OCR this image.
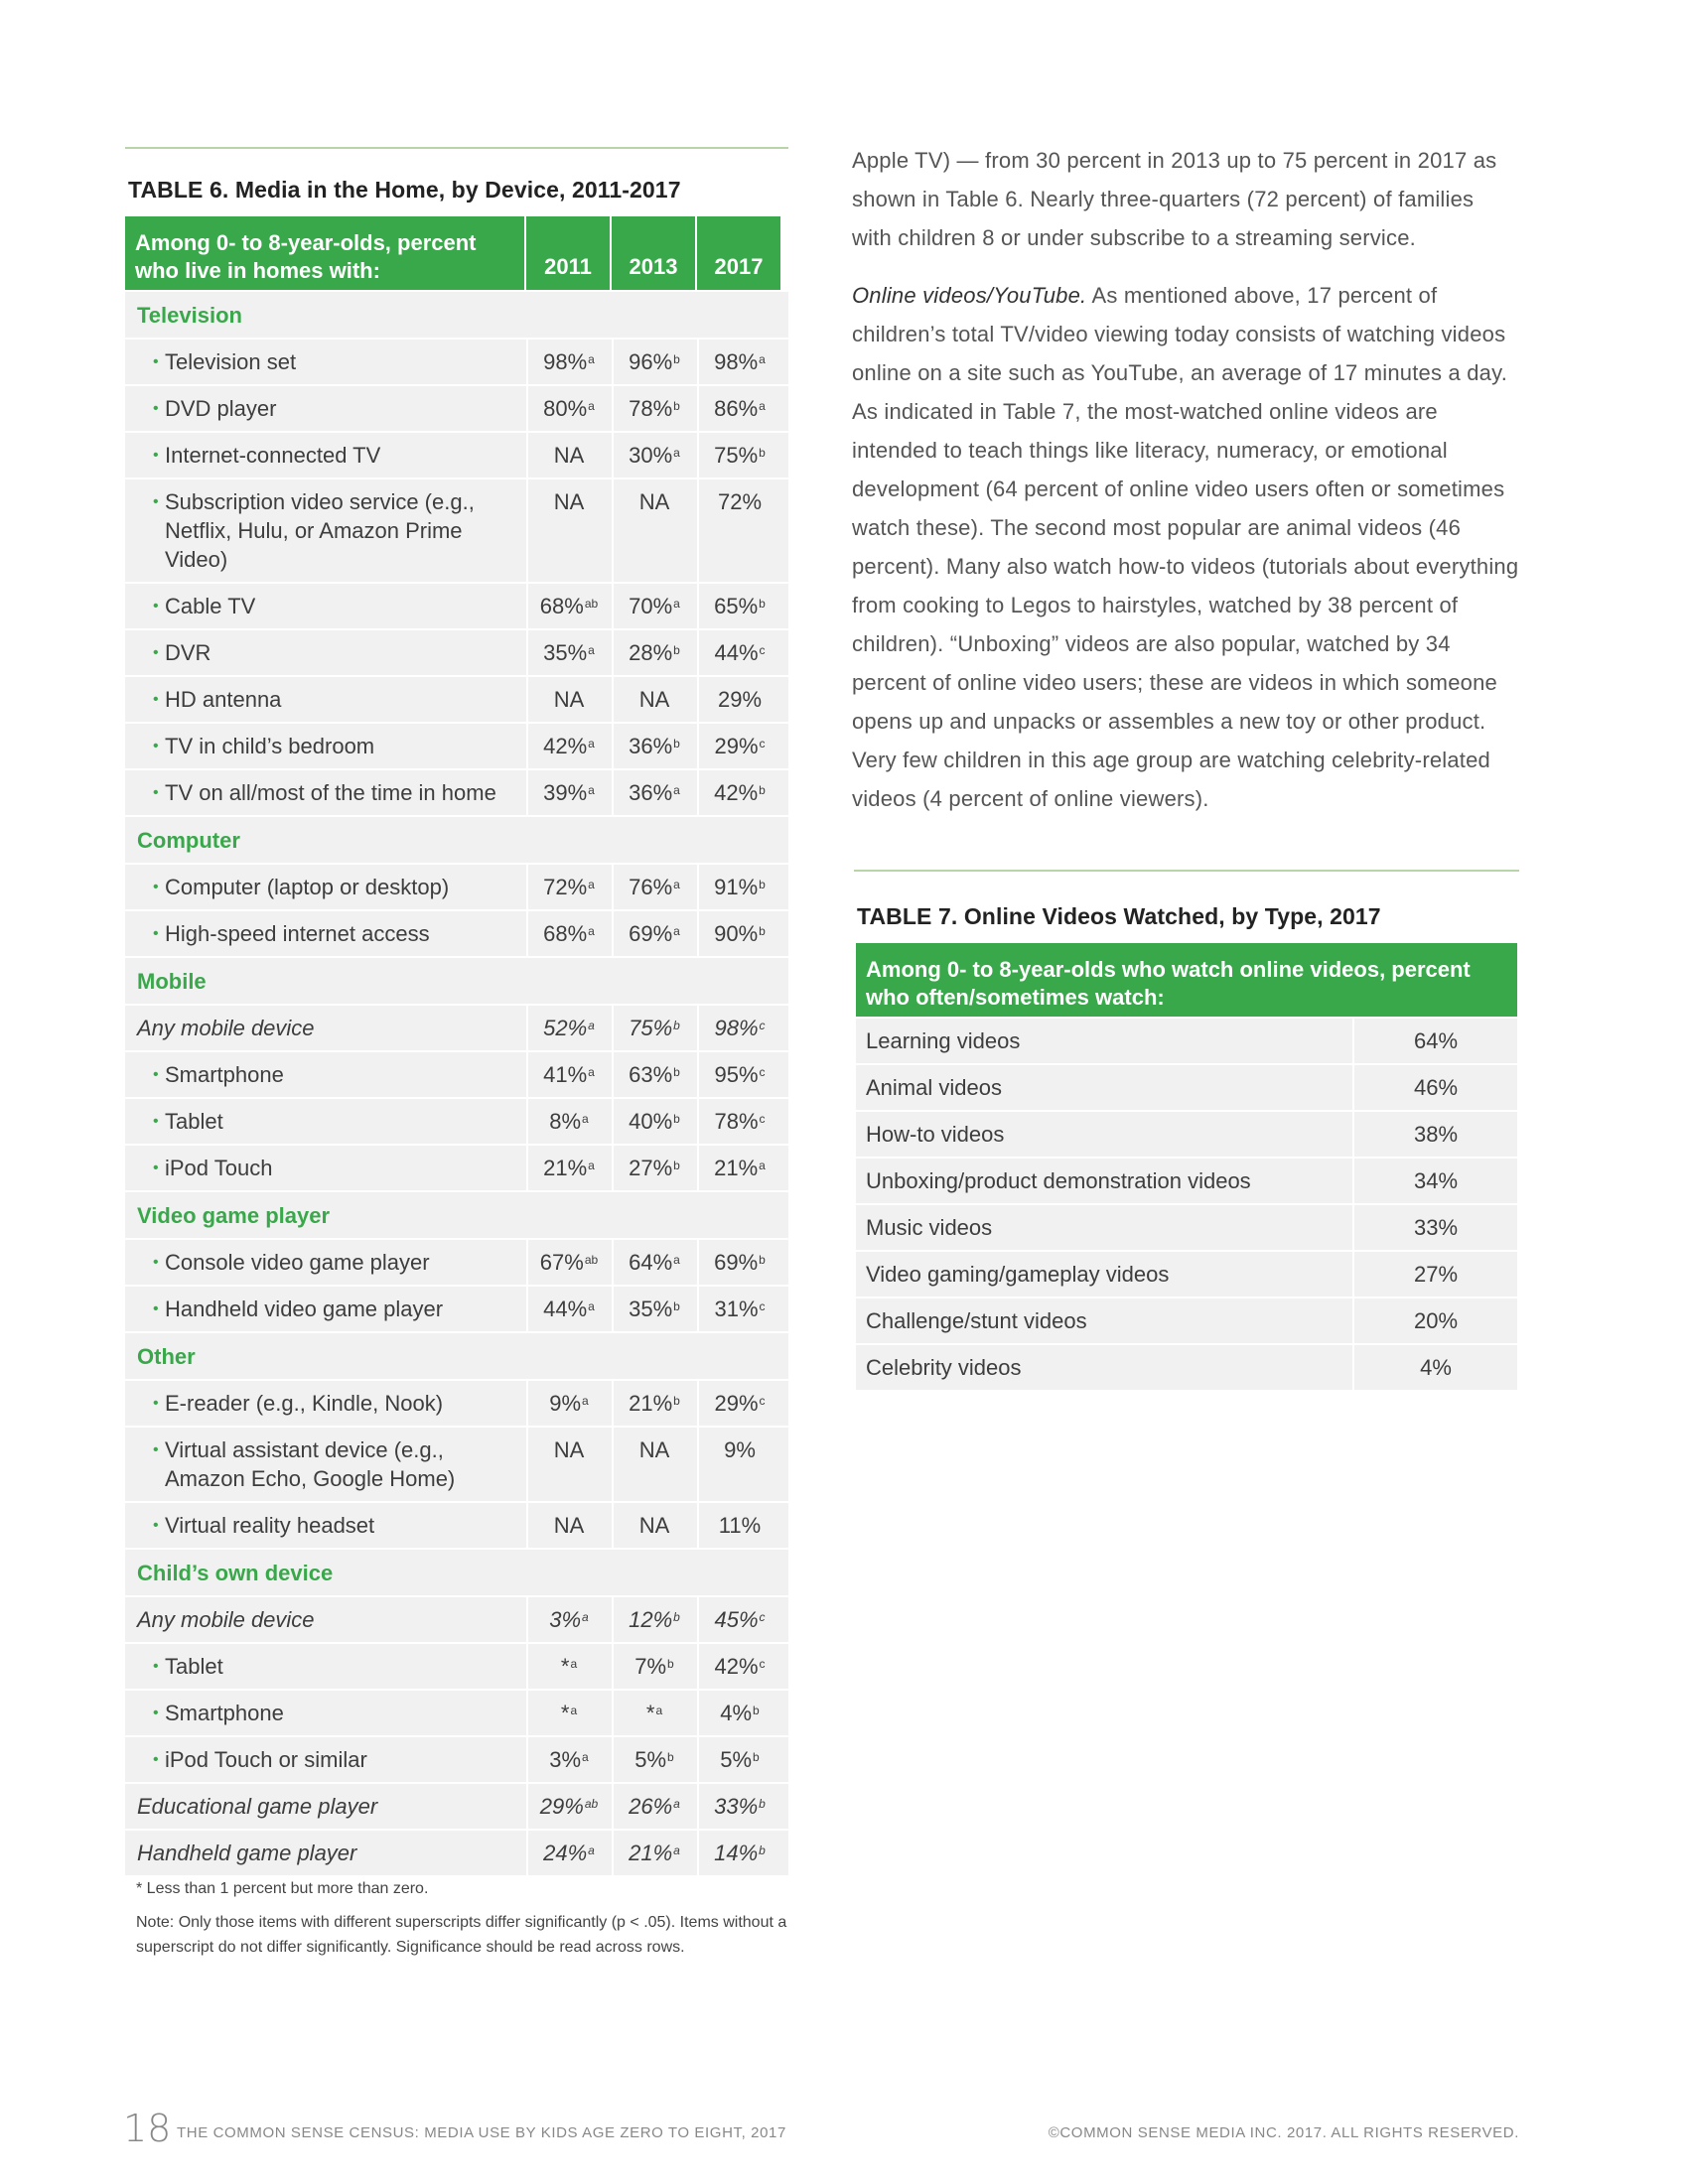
TABLE 6. Media in the Home, by Device, 2011-2017
Among 0- to 8-year-olds, percent who live in homes with:	2011	2013	2017
Television
• Television set	98%$^a$	96%$^b$	98%$^a$
• DVD player	80%$^a$	78%$^b$	86%$^a$
• Internet-connected TV	NA	30%$^a$	75%$^b$
• Subscription video service (e.g., Netflix, Hulu, or Amazon Prime Video)
NA	NA	72%
• Cable TV	68%$^{ab}$	70%$^a$	65%$^b$
• DVR	35%$^a$	28%$^b$	44%$^c$
• HD antenna	NA	NA	29%
• TV in child’s bedroom	42%$^a$	36%$^b$	29%$^c$
• TV on all/most of the time in home	39%$^a$	36%$^a$	42%$^b$
Computer
• Computer (laptop or desktop)	72%$^a$	76%$^a$	91%$^b$
• High-speed internet access	68%$^a$	69%$^a$	90%$^b$
Mobile
Any mobile device	52%$^a$	75%$^b$	98%$^c$
• Smartphone	41%$^a$	63%$^b$	95%$^c$
• Tablet	8%$^a$	40%$^b$	78%$^c$
• iPod Touch	21%$^a$	27%$^b$	21%$^a$
Video game player
• Console video game player	67%$^{ab}$	64%$^a$	69%$^b$
• Handheld video game player	44%$^a$	35%$^b$	31%$^c$
Other
• E-reader (e.g., Kindle, Nook)	9%$^a$	21%$^b$	29%$^c$
• Virtual assistant device (e.g., Amazon Echo, Google Home)
NA	NA	9%
• Virtual reality headset	NA	NA	11%
Child’s own device
Any mobile device	3%$^a$	12%$^b$	45%$^c$
• Tablet	*$^a$	7%$^b$	42%$^c$
• Smartphone	*$^a$	*$^a$	4%$^b$
• iPod Touch or similar	3%$^a$	5%$^b$	5%$^b$
Educational game player	29%$^{ab}$	26%$^a$	33%$^b$
Handheld game player	24%$^a$	21%$^a$	14%$^b$
* Less than 1 percent but more than zero.
Note: Only those items with different superscripts differ significantly (p < .05). Items without a superscript do not differ significantly. Significance should be read across rows.

Apple TV) — from 30 percent in 2013 up to 75 percent in 2017 as shown in Table 6. Nearly three-quarters (72 percent) of families with children 8 or under subscribe to a streaming service.

Online videos/YouTube. As mentioned above, 17 percent of children’s total TV/video viewing today consists of watching videos online on a site such as YouTube, an average of 17 minutes a day. As indicated in Table 7, the most-watched online videos are intended to teach things like literacy, numeracy, or emotional development (64 percent of online video users often or sometimes watch these). The second most popular are animal videos (46 percent). Many also watch how-to videos (tutorials about everything from cooking to Legos to hairstyles, watched by 38 percent of children). “Unboxing” videos are also popular, watched by 34 percent of online video users; these are videos in which someone opens up and unpacks or assembles a new toy or other product. Very few children in this age group are watching celebrity-related videos (4 percent of online viewers).

TABLE 7. Online Videos Watched, by Type, 2017
Among 0- to 8-year-olds who watch online videos, percent who often/sometimes watch:
Learning videos	64%
Animal videos	46%
How-to videos	38%
Unboxing/product demonstration videos	34%
Music videos	33%
Video gaming/gameplay videos	27%
Challenge/stunt videos	20%
Celebrity videos	4%
18 THE COMMON SENSE CENSUS: MEDIA USE BY KIDS AGE ZERO TO EIGHT, 2017	©COMMON SENSE MEDIA INC. 2017. ALL RIGHTS RESERVED.
